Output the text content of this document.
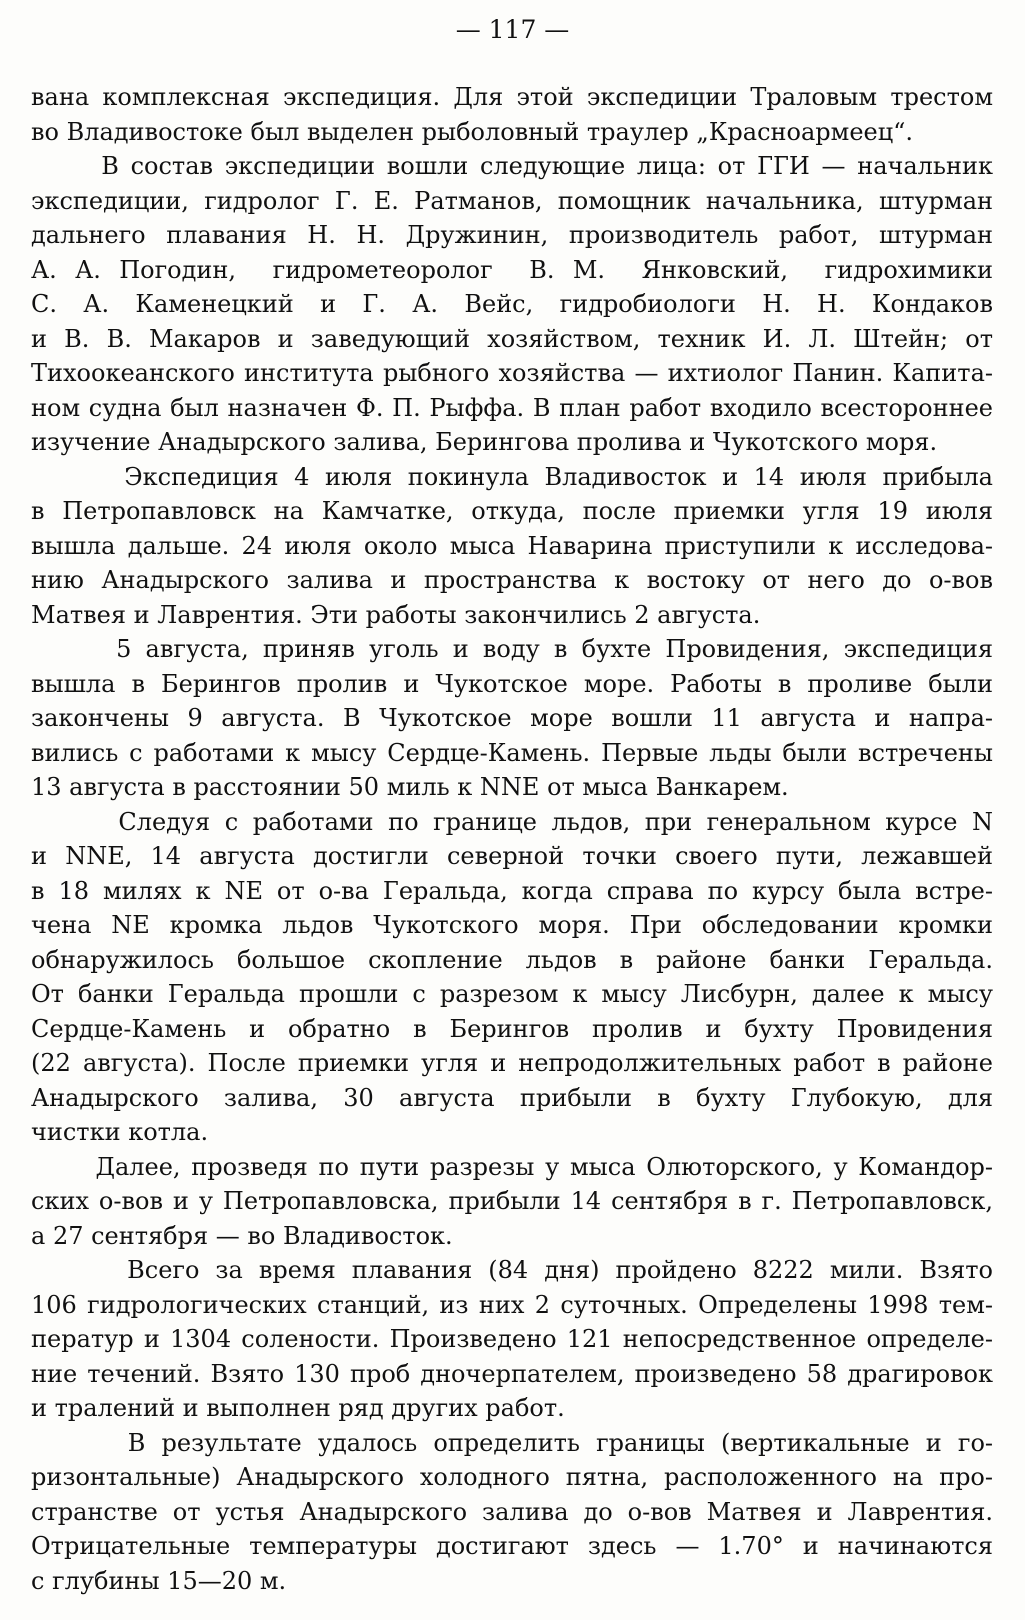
— 117 —
вана комплексная экспедиция. Для этой экспедиции Траловым трестом
во Владивостоке был выделен рыболовный траулер „Красноармеец“.
В состав экспедиции вошли следующие лица: от ГГИ — начальник
экспедиции, гидролог Г. Е. Ратманов, помощник начальника, штурман
дальнего плавания Н. Н. Дружинин, производитель работ, штурман
А. А. Погодин,  гидрометеоролог  В. М.  Янковский,  гидрохимики
С. А. Каменецкий и Г. А. Вейс, гидробиологи Н. Н. Кондаков
и В. В. Макаров и заведующий хозяйством, техник И. Л. Штейн; от
Тихоокеанского института рыбного хозяйства — ихтиолог Панин. Капита-
ном судна был назначен Ф. П. Рыффа. В план работ входило всестороннее
изучение Анадырского залива, Берингова пролива и Чукотского моря.
Экспедиция 4 июля покинула Владивосток и 14 июля прибыла
в Петропавловск на Камчатке, откуда, после приемки угля 19 июля
вышла дальше. 24 июля около мыса Наварина приступили к исследова-
нию Анадырского залива и пространства к востоку от него до о-вов
Матвея и Лаврентия. Эти работы закончились 2 августа.
5 августа, приняв уголь и воду в бухте Провидения, экспедиция
вышла в Берингов пролив и Чукотское море. Работы в проливе были
закончены 9 августа. В Чукотское море вошли 11 августа и напра-
вились с работами к мысу Сердце-Камень. Первые льды были встречены
13 августа в расстоянии 50 миль к NNE от мыса Ванкарем.
Следуя с работами по границе льдов, при генеральном курсе N
и NNE, 14 августа достигли северной точки своего пути, лежавшей
в 18 милях к NE от о-ва Геральда, когда справа по курсу была встре-
чена NE кромка льдов Чукотского моря. При обследовании кромки
обнаружилось большое скопление льдов в районе банки Геральда.
От банки Геральда прошли с разрезом к мысу Лисбурн, далее к мысу
Сердце-Камень и обратно в Берингов пролив и бухту Провидения
(22 августа). После приемки угля и непродолжительных работ в районе
Анадырского залива, 30 августа прибыли в бухту Глубокую, для
чистки котла.
Далее, прозведя по пути разрезы у мыса Олюторского, у Командор-
ских о-вов и у Петропавловска, прибыли 14 сентября в г. Петропавловск,
а 27 сентября — во Владивосток.
Всего за время плавания (84 дня) пройдено 8222 мили. Взято
106 гидрологических станций, из них 2 суточных. Определены 1998 тем-
ператур и 1304 солености. Произведено 121 непосредственное определе-
ние течений. Взято 130 проб дночерпателем, произведено 58 драгировок
и тралений и выполнен ряд других работ.
В результате удалось определить границы (вертикальные и го-
ризонтальные) Анадырского холодного пятна, расположенного на про-
странстве от устья Анадырского залива до о-вов Матвея и Лаврентия.
Отрицательные температуры достигают здесь — 1.70° и начинаются
с глубины 15—20 м.
